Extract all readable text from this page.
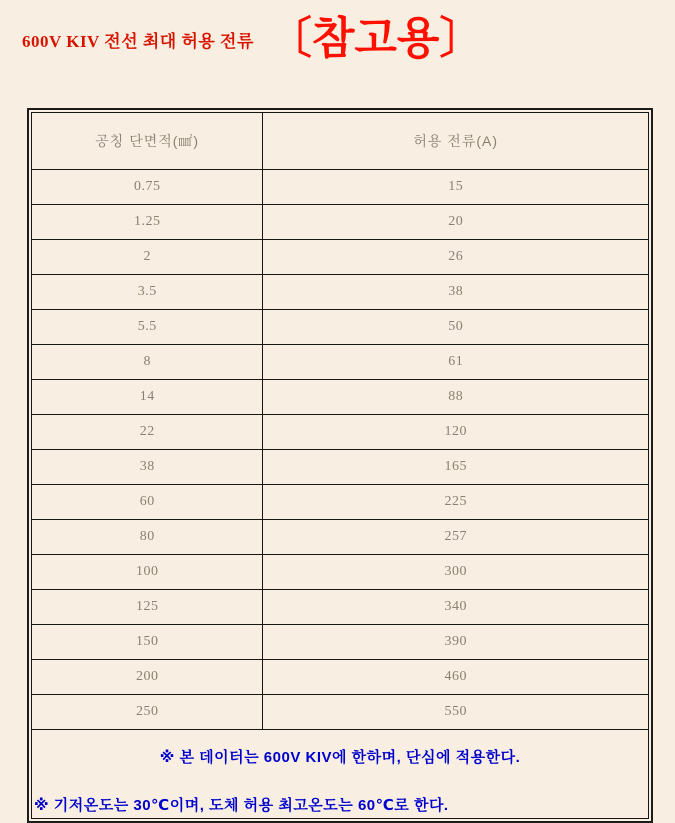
600V KIV 전선 최대 허용 전류 〔참고용〕
공칭 단면적(㎟)	허용 전류(A)
0.75	15
1.25	20
2	26
3.5	38
5.5	50
8	61
14	88
22	120
38	165
60	225
80	257
100	300
125	340
150	390
200	460
250	550

※ 본 데이터는 600V KIV에 한하며, 단심에 적용한다.
※ 기저온도는 30℃이며, 도체 허용 최고온도는 60℃로 한다.	
